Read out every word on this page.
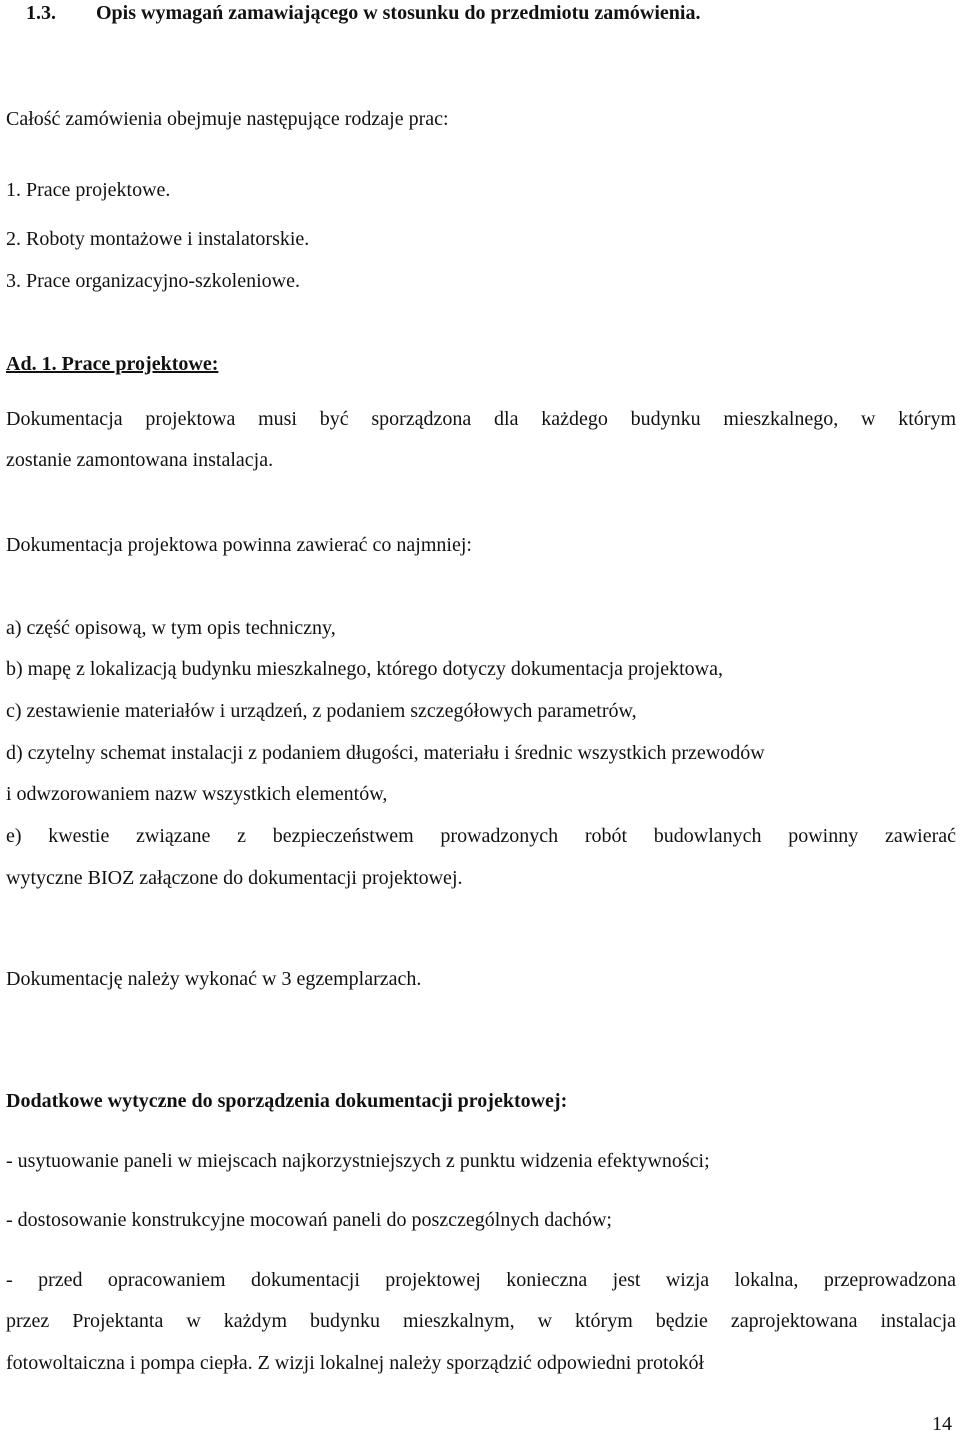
1.3. Opis wymagań zamawiającego w stosunku do przedmiotu zamówienia.

Całość zamówienia obejmuje następujące rodzaje prac:

1. Prace projektowe.

2. Roboty montażowe i instalatorskie.

3. Prace organizacyjno-szkoleniowe.

Ad. 1. Prace projektowe:

Dokumentacja projektowa musi być sporządzona dla każdego budynku mieszkalnego, w którym

zostanie zamontowana instalacja.

Dokumentacja projektowa powinna zawierać co najmniej:

a) część opisową, w tym opis techniczny,

b) mapę z lokalizacją budynku mieszkalnego, którego dotyczy dokumentacja projektowa,

c) zestawienie materiałów i urządzeń, z podaniem szczegółowych parametrów,

d) czytelny schemat instalacji z podaniem długości, materiału i średnic wszystkich przewodów

i odwzorowaniem nazw wszystkich elementów,

e) kwestie związane z bezpieczeństwem prowadzonych robót budowlanych powinny zawierać

wytyczne BIOZ załączone do dokumentacji projektowej.

Dokumentację należy wykonać w 3 egzemplarzach.

Dodatkowe wytyczne do sporządzenia dokumentacji projektowej:

- usytuowanie paneli w miejscach najkorzystniejszych z punktu widzenia efektywności;

- dostosowanie konstrukcyjne mocowań paneli do poszczególnych dachów;

- przed opracowaniem dokumentacji projektowej konieczna jest wizja lokalna, przeprowadzona

przez Projektanta w każdym budynku mieszkalnym, w którym będzie zaprojektowana instalacja

fotowoltaiczna i pompa ciepła. Z wizji lokalnej należy sporządzić odpowiedni protokół

14
